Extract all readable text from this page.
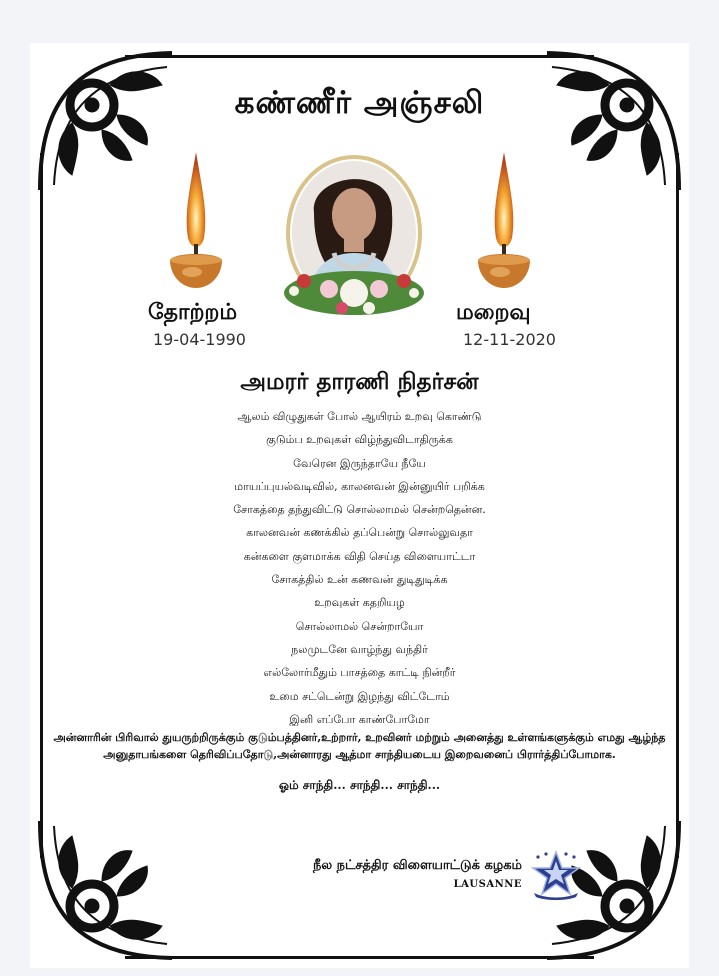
கண்ணீர் அஞ்சலி
தோற்றம்
19-04-1990
மறைவு
12-11-2020
அமரர் தாரணி நிதர்சன்
ஆலம் விழுதுகள் போல் ஆயிரம் உறவு கொண்டு
குடும்ப உறவுகள் விழ்ந்துவிடாதிருக்க
வேரென இருந்தாயே நீயே
மாயப்புயல்வடிவில், காலனவன் இன்னுயிர் பறிக்க
சோகத்தை தந்துவிட்டு சொல்லாமல் சென்றதென்ன.
காலனவன் கணக்கில் தப்பென்று சொல்லுவதா
கன்களை குளமாக்க விதி செய்த விளையாட்டா
சோகத்தில் உன் கணவன் துடிதுடிக்க
உறவுகள் கதறியழ
சொல்லாமல் சென்றாயோ
நலமுடனே வாழ்ந்து வந்திர்
எல்லோர்மீதும் பாசத்தை காட்டி நின்றீர்
உமை சட்டென்று இழந்து விட்டோம்
இனி எப்போ காண்போமோ
அன்னாரின் பிரிவால் துயருற்றிருக்கும் குடும்பத்தினர்,உற்றார், உறவினர் மற்றும் அனைத்து உள்ளங்களுக்கும் எமது ஆழ்ந்த அனுதாபங்களை தெரிவிப்பதோடு,அன்னாரது ஆத்மா சாந்தியடைய இறைவனைப் பிரார்த்திப்போமாக.
ஓம் சாந்தி... சாந்தி... சாந்தி...
நீல நட்சத்திர விளையாட்டுக் கழகம்
LAUSANNE
